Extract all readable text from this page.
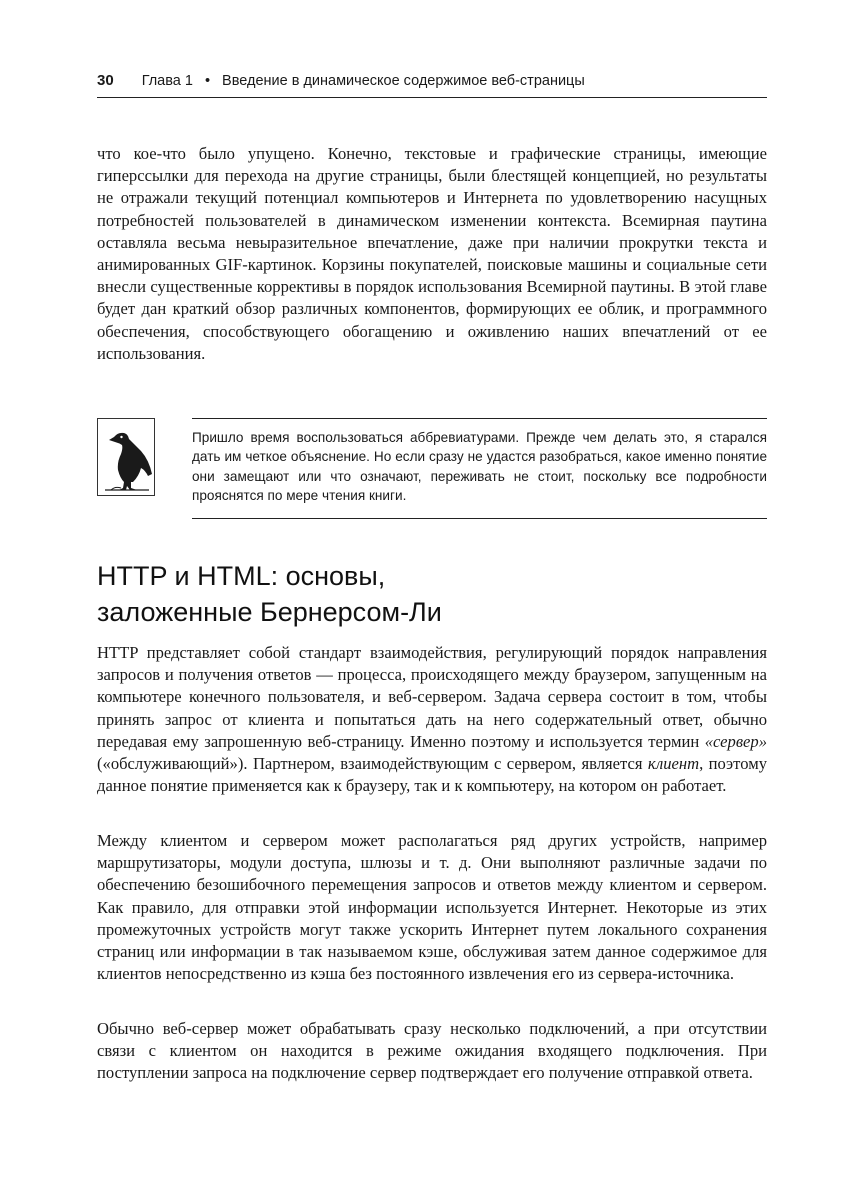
30 Глава 1 • Введение в динамическое содержимое веб-страницы

что кое-что было упущено. Конечно, текстовые и графические страницы, имеющие гиперссылки для перехода на другие страницы, были блестящей концепцией, но результаты не отражали текущий потенциал компьютеров и Интернета по удовлетворению насущных потребностей пользователей в динамическом изменении контекста. Всемирная паутина оставляла весьма невыразительное впечатление, даже при наличии прокрутки текста и анимированных GIF-картинок. Корзины покупателей, поисковые машины и социальные сети внесли существенные коррективы в порядок использования Всемирной паутины. В этой главе будет дан краткий обзор различных компонентов, формирующих ее облик, и программного обеспечения, способствующего обогащению и оживлению наших впечатлений от ее использования.

Пришло время воспользоваться аббревиатурами. Прежде чем делать это, я старался дать им четкое объяснение. Но если сразу не удастся разобраться, какое именно понятие они замещают или что означают, переживать не стоит, поскольку все подробности прояснятся по мере чтения книги.

HTTP и HTML: основы,
заложенные Бернерсом-Ли

HTTP представляет собой стандарт взаимодействия, регулирующий порядок направления запросов и получения ответов — процесса, происходящего между браузером, запущенным на компьютере конечного пользователя, и веб-сервером. Задача сервера состоит в том, чтобы принять запрос от клиента и попытаться дать на него содержательный ответ, обычно передавая ему запрошенную веб-страницу. Именно поэтому и используется термин «сервер» («обслуживающий»). Партнером, взаимодействующим с сервером, является клиент, поэтому данное понятие применяется как к браузеру, так и к компьютеру, на котором он работает.

Между клиентом и сервером может располагаться ряд других устройств, например маршрутизаторы, модули доступа, шлюзы и т. д. Они выполняют различные задачи по обеспечению безошибочного перемещения запросов и ответов между клиентом и сервером. Как правило, для отправки этой информации используется Интернет. Некоторые из этих промежуточных устройств могут также ускорить Интернет путем локального сохранения страниц или информации в так называемом кэше, обслуживая затем данное содержимое для клиентов непосредственно из кэша без постоянного извлечения его из сервера-источника.

Обычно веб-сервер может обрабатывать сразу несколько подключений, а при отсутствии связи с клиентом он находится в режиме ожидания входящего подключения. При поступлении запроса на подключение сервер подтверждает его получение отправкой ответа.
